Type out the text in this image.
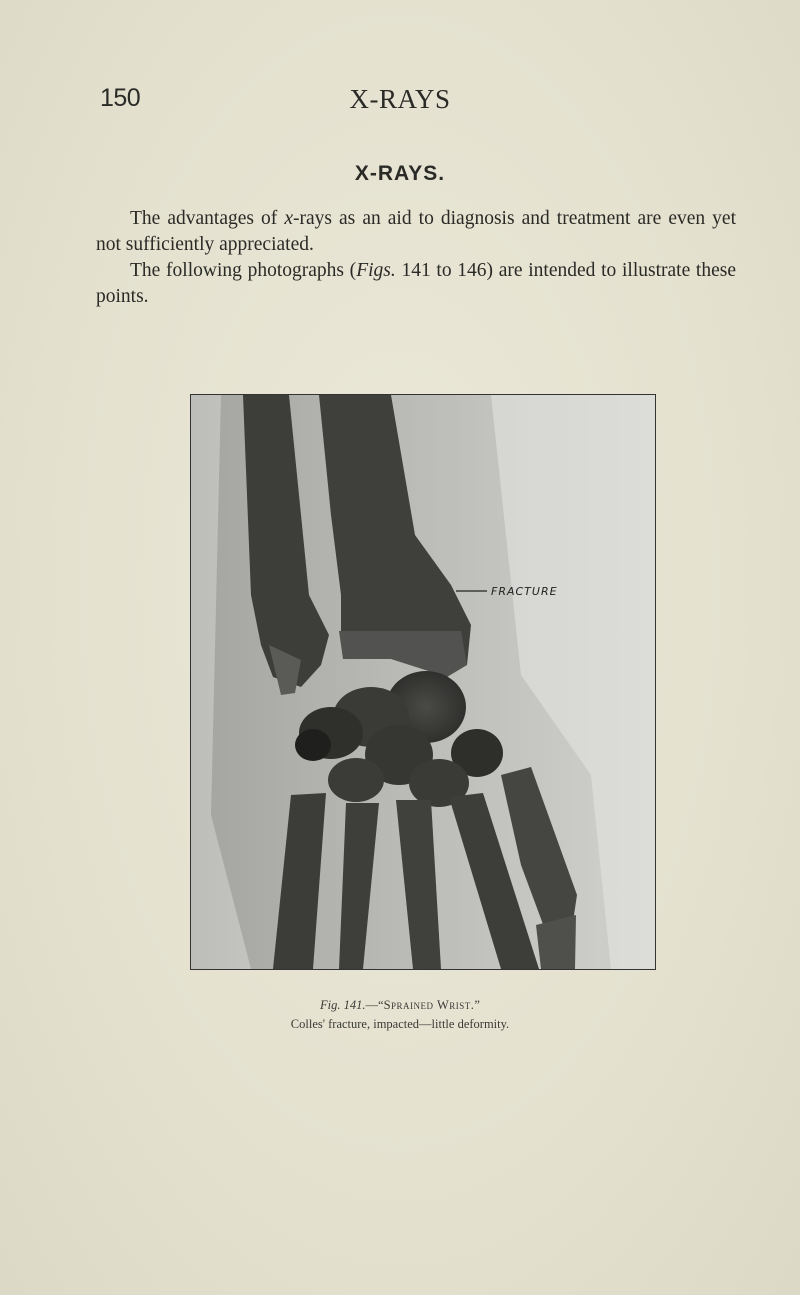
150	X-RAYS
X-RAYS.

The advantages of x-rays as an aid to diagnosis and treatment are even yet not sufficiently appreciated.

The following photographs (Figs. 141 to 146) are intended to illustrate these points.

FRACTURE
Fig. 141.—“Sprained Wrist.”
Colles' fracture, impacted—little deformity.
